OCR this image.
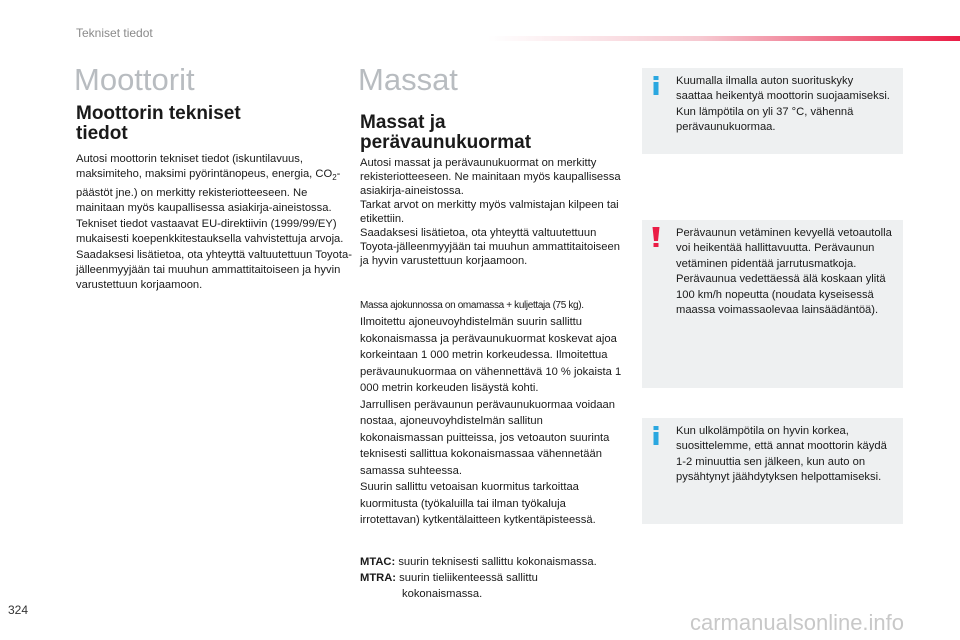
Tekniset tiedot
Moottorit
Moottorin tekniset
tiedot

Autosi moottorin tekniset tiedot (iskuntilavuus, maksimiteho, maksimi pyörintänopeus, energia, $CO_2$-päästöt jne.) on merkitty rekisteriotteeseen. Ne mainitaan myös kaupallisessa asiakirja-aineistossa.

Tekniset tiedot vastaavat EU-direktiivin (1999/99/EY) mukaisesti koepenkkitestauksella vahvistettuja arvoja.

Saadaksesi lisätietoa, ota yhteyttä valtuutettuun Toyota-jälleenmyyjään tai muuhun ammattitaitoiseen ja hyvin varustettuun korjaamoon.

Massat
Massat ja
perävaunukuormat

Autosi massat ja perävaunukuormat on merkitty rekisteriotteeseen. Ne mainitaan myös kaupallisessa asiakirja-aineistossa.

Tarkat arvot on merkitty myös valmistajan kilpeen tai etikettiin.

Saadaksesi lisätietoa, ota yhteyttä valtuutettuun Toyota-jälleenmyyjään tai muuhun ammattitaitoiseen ja hyvin varustettuun korjaamoon.

Massa ajokunnossa on omamassa + kuljettaja (75 kg).

Ilmoitettu ajoneuvoyhdistelmän suurin sallittu kokonaismassa ja perävaunukuormat koskevat ajoa korkeintaan 1 000 metrin korkeudessa. Ilmoitettua perävaunukuormaa on vähennettävä 10 % jokaista 1 000 metrin korkeuden lisäystä kohti.

Jarrullisen perävaunun perävaunukuormaa voidaan nostaa, ajoneuvoyhdistelmän sallitun kokonaismassan puitteissa, jos vetoauton suurinta teknisesti sallittua kokonaismassaa vähennetään samassa suhteessa.

Suurin sallittu vetoaisan kuormitus tarkoittaa kuormitusta (työkaluilla tai ilman työkaluja irrotettavan) kytkentälaitteen kytkentäpisteessä.

MTAC: suurin teknisesti sallittu kokonaismassa.

MTRA: suurin tieliikenteessä sallittu
kokonaismassa.

Kuumalla ilmalla auton suorituskyky saattaa heikentyä moottorin suojaamiseksi. Kun lämpötila on yli 37 °C, vähennä perävaunukuormaa.

Perävaunun vetäminen kevyellä vetoautolla voi heikentää hallittavuutta. Perävaunun vetäminen pidentää jarrutusmatkoja.

Perävaunua vedettäessä älä koskaan ylitä 100 km/h nopeutta (noudata kyseisessä maassa voimassaolevaa lainsäädäntöä).

Kun ulkolämpötila on hyvin korkea, suosittelemme, että annat moottorin käydä 1-2 minuuttia sen jälkeen, kun auto on pysähtynyt jäähdytyksen helpottamiseksi.

324	carmanualsonline.info
